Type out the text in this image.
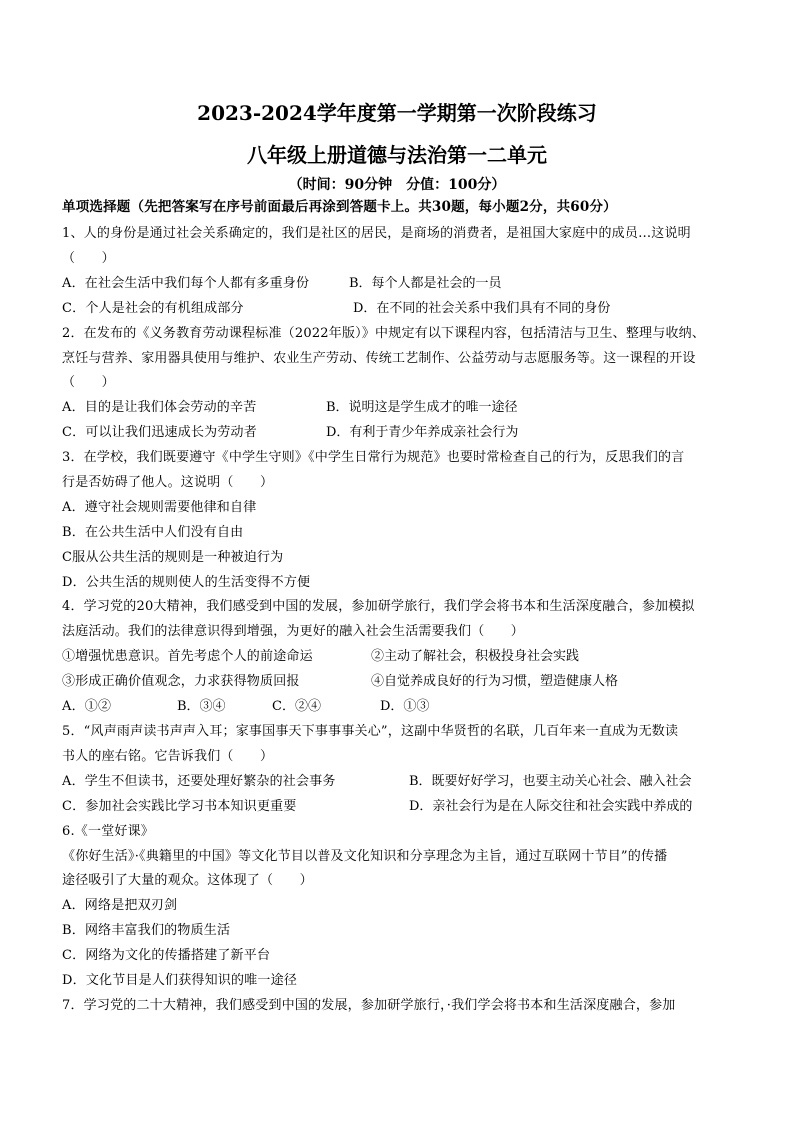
2023-2024学年度第一学期第一次阶段练习
八年级上册道德与法治第一二单元
（时间：90分钟　分值：100分）
单项选择题（先把答案写在序号前面最后再涂到答题卡上。共30题，每小题2分，共60分）
1、人的身份是通过社会关系确定的，我们是社区的居民，是商场的消费者，是祖国大家庭中的成员…这说明
（　　）
A．在社会生活中我们每个人都有多重身份	B．每个人都是社会的一员
C．个人是社会的有机组成部分	D．在不同的社会关系中我们具有不同的身份
2．在发布的《义务教育劳动课程标准（2022年版）》中规定有以下课程内容，包括清洁与卫生、整理与收纳、
烹饪与营养、家用器具使用与维护、农业生产劳动、传统工艺制作、公益劳动与志愿服务等。这一课程的开设
（　　）
A．目的是让我们体会劳动的辛苦	B．说明这是学生成才的唯一途径
C．可以让我们迅速成长为劳动者	D．有利于青少年养成亲社会行为
3．在学校，我们既要遵守《中学生守则》《中学生日常行为规范》也要时常检查自己的行为，反思我们的言
行是否妨碍了他人。这说明（　　）
A．遵守社会规则需要他律和自律
B．在公共生活中人们没有自由
C服从公共生活的规则是一种被迫行为
D．公共生活的规则使人的生活变得不方便
4．学习党的20大精神，我们感受到中国的发展，参加研学旅行，我们学会将书本和生活深度融合，参加模拟
法庭活动。我们的法律意识得到增强，为更好的融入社会生活需要我们（　　）
①增强忧患意识。首先考虑个人的前途命运	②主动了解社会，积极投身社会实践
③形成正确价值观念，力求获得物质回报	④自觉养成良好的行为习惯，塑造健康人格
A．①②	B．③④	C．②④	D．①③
5．“风声雨声读书声声入耳；家事国事天下事事事关心”，这副中华贤哲的名联，几百年来一直成为无数读
书人的座右铭。它告诉我们（　　）
A．学生不但读书，还要处理好繁杂的社会事务	B．既要好好学习，也要主动关心社会、融入社会
C．参加社会实践比学习书本知识更重要	D．亲社会行为是在人际交往和社会实践中养成的
6.《一堂好课》
《你好生活》·《典籍里的中国》等文化节目以普及文化知识和分享理念为主旨，通过互联网十节目”的传播
途径吸引了大量的观众。这体现了（　　）
A．网络是把双刃剑
B．网络丰富我们的物质生活
C．网络为文化的传播搭建了新平台
D．文化节目是人们获得知识的唯一途径
7．学习党的二十大精神，我们感受到中国的发展，参加研学旅行，·我们学会将书本和生活深度融合，参加
